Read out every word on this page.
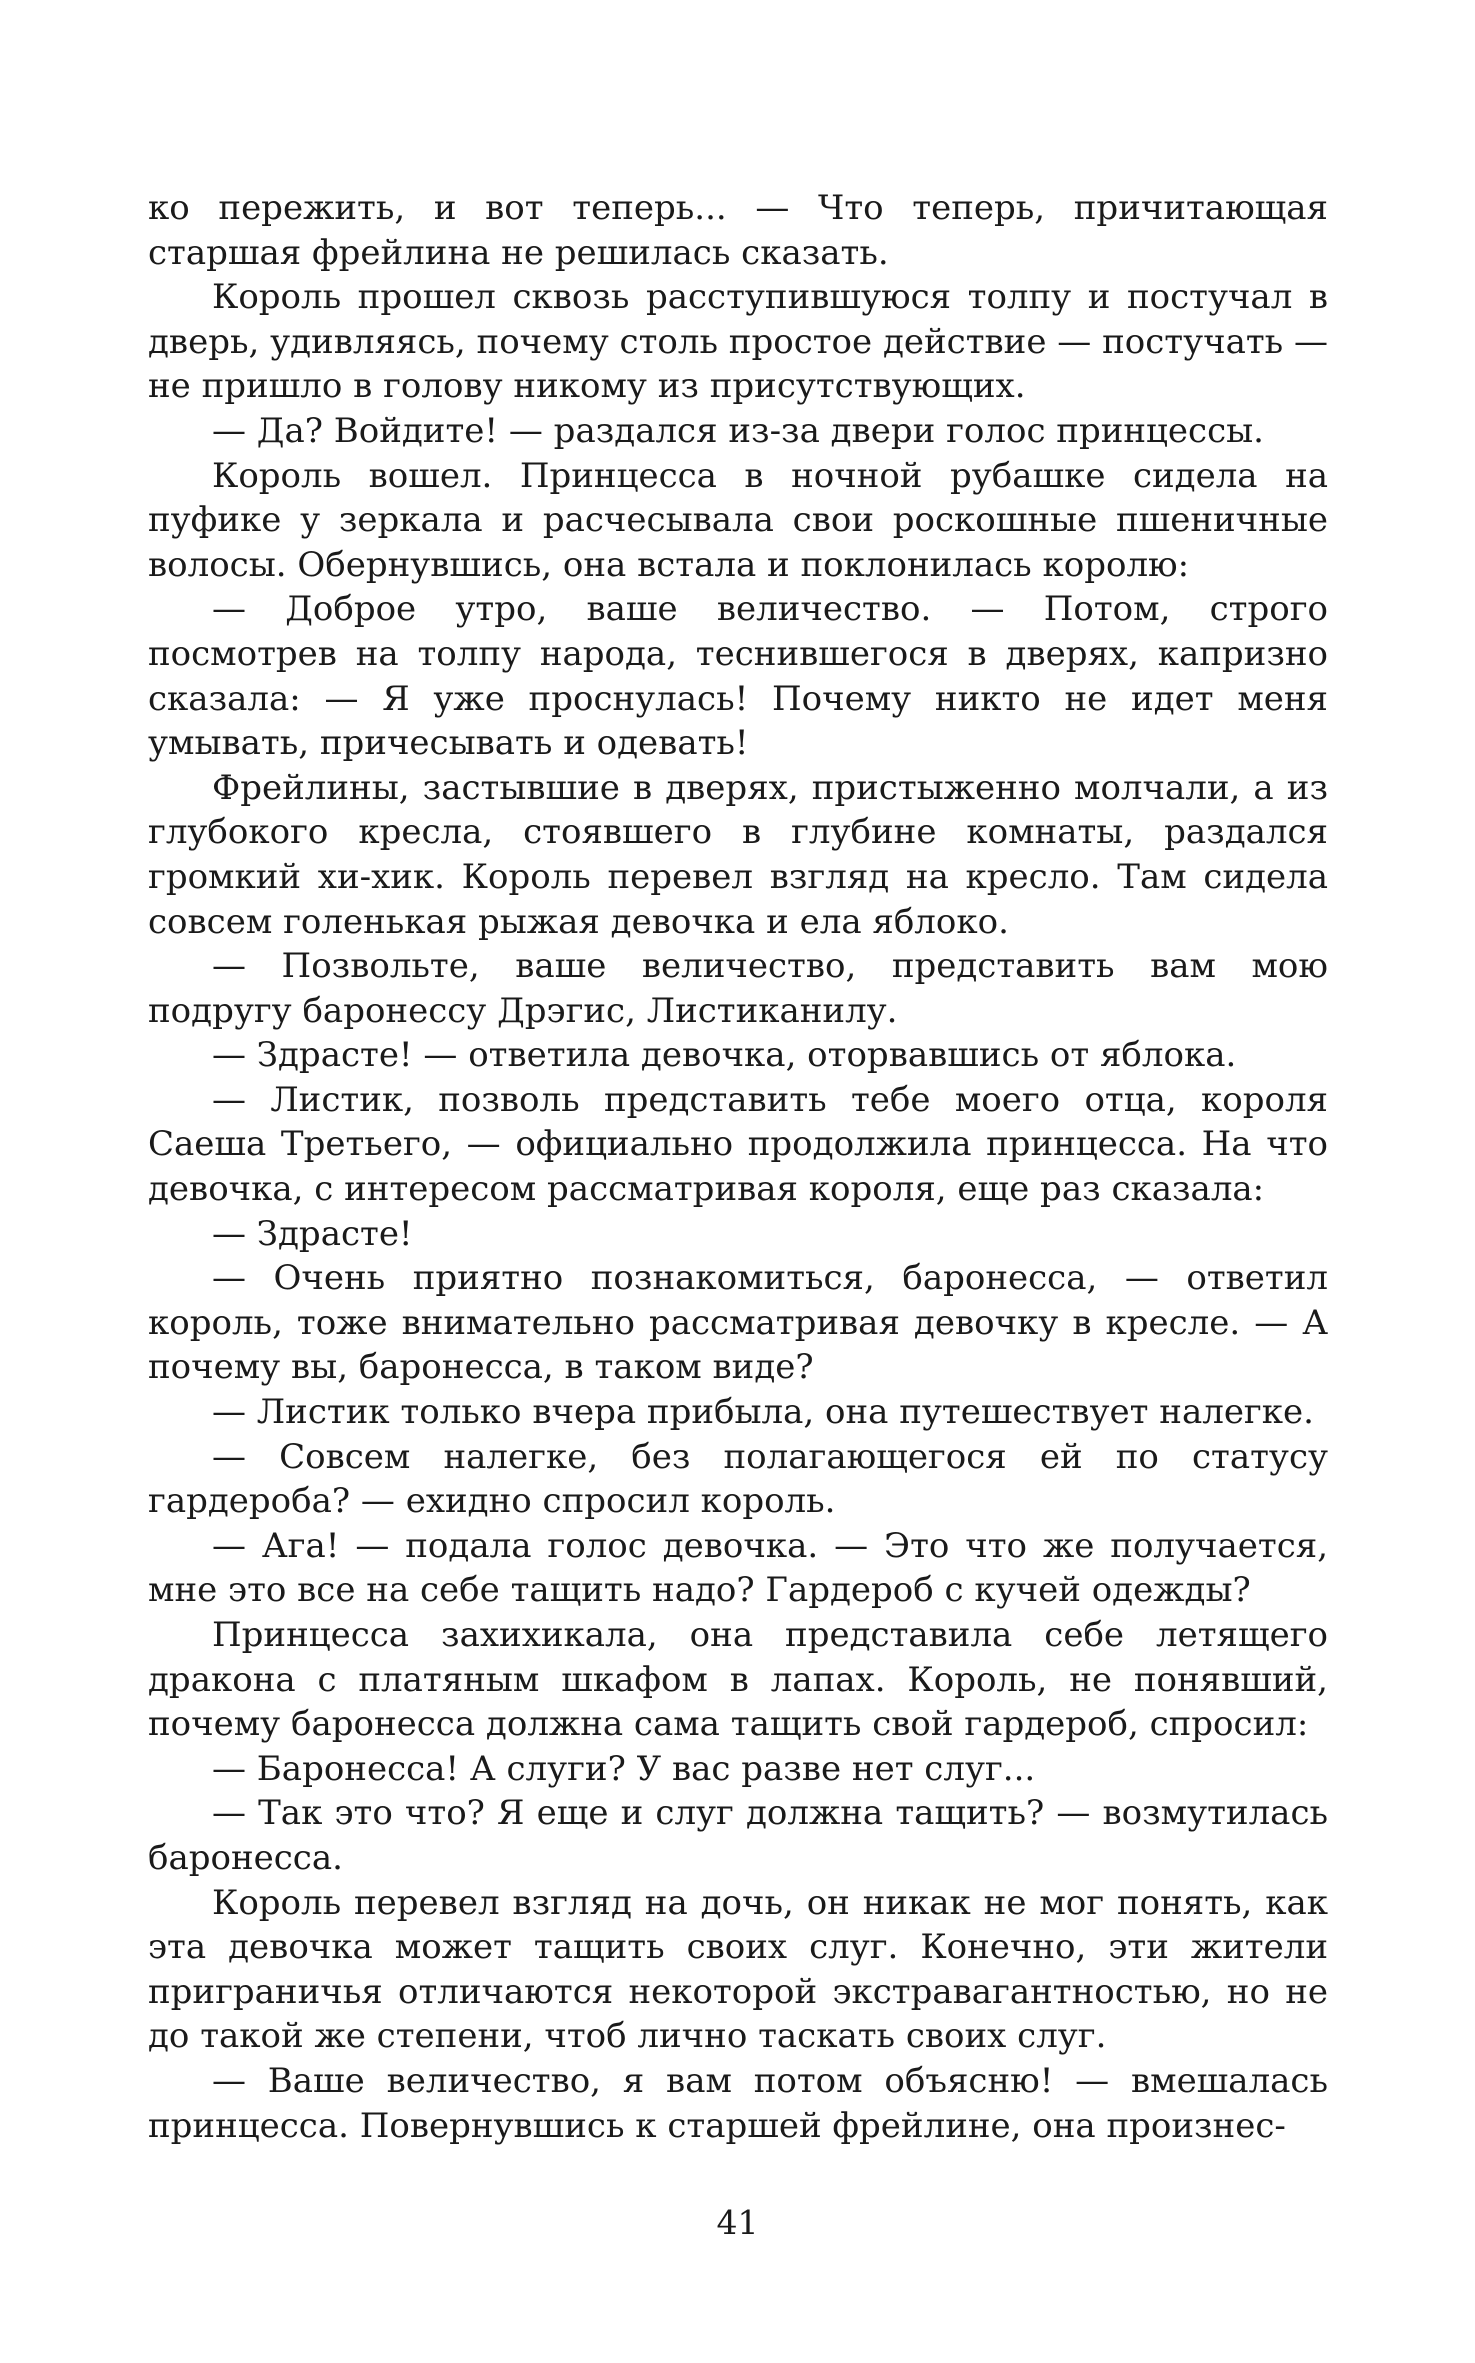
ко пережить, и вот теперь... — Что теперь, причитающая старшая фрейлина не решилась сказать.

Король прошел сквозь расступившуюся толпу и постучал в дверь, удивляясь, почему столь простое действие — постучать — не пришло в голову никому из присутствующих.

— Да? Войдите! — раздался из-за двери голос принцессы.

Король вошел. Принцесса в ночной рубашке сидела на пуфике у зеркала и расчесывала свои роскошные пшеничные волосы. Обернувшись, она встала и поклонилась королю:

— Доброе утро, ваше величество. — Потом, строго посмотрев на толпу народа, теснившегося в дверях, капризно сказала: — Я уже проснулась! Почему никто не идет меня умывать, причесывать и одевать!

Фрейлины, застывшие в дверях, пристыженно молчали, а из глубокого кресла, стоявшего в глубине комнаты, раздался громкий хи-хик. Король перевел взгляд на кресло. Там сидела совсем голенькая рыжая девочка и ела яблоко.

— Позвольте, ваше величество, представить вам мою подругу баронессу Дрэгис, Листиканилу.

— Здрасте! — ответила девочка, оторвавшись от яблока.

— Листик, позволь представить тебе моего отца, короля Саеша Третьего, — официально продолжила принцесса. На что девочка, с интересом рассматривая короля, еще раз сказала:

— Здрасте!

— Очень приятно познакомиться, баронесса, — ответил король, тоже внимательно рассматривая девочку в кресле. — А почему вы, баронесса, в таком виде?

— Листик только вчера прибыла, она путешествует налегке.

— Совсем налегке, без полагающегося ей по статусу гардероба? — ехидно спросил король.

— Ага! — подала голос девочка. — Это что же получается, мне это все на себе тащить надо? Гардероб с кучей одежды?

Принцесса захихикала, она представила себе летящего дракона с платяным шкафом в лапах. Король, не понявший, почему баронесса должна сама тащить свой гардероб, спросил:

— Баронесса! А слуги? У вас разве нет слуг...

— Так это что? Я еще и слуг должна тащить? — возмутилась баронесса.

Король перевел взгляд на дочь, он никак не мог понять, как эта девочка может тащить своих слуг. Конечно, эти жители приграничья отличаются некоторой экстравагантностью, но не до такой же степени, чтоб лично таскать своих слуг.

— Ваше величество, я вам потом объясню! — вмешалась принцесса. Повернувшись к старшей фрейлине, она произнес-

41
